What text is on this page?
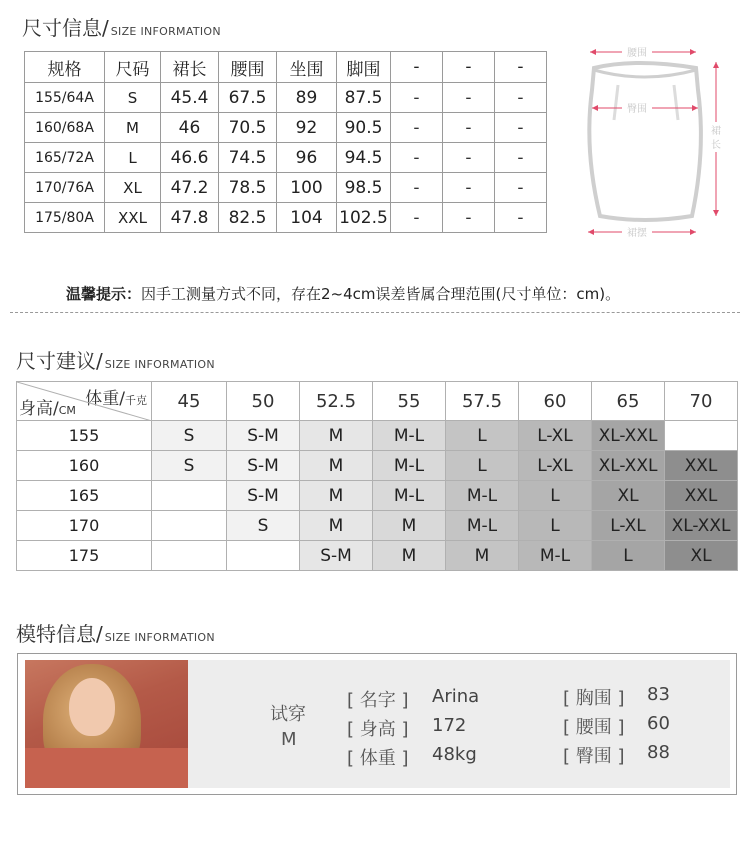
尺寸信息 / SIZE INFORMATION
规格	尺码	裙长	腰围	坐围	脚围	-	-	-
155/64A	S	45.4	67.5	89	87.5	-	-	-
160/68A	M	46	70.5	92	90.5	-	-	-
165/72A	L	46.6	74.5	96	94.5	-	-	-
170/76A	XL	47.2	78.5	100	98.5	-	-	-
175/80A	XXL	47.8	82.5	104	102.5	-	-	-
腰围
臀围
裙
长
裙摆
温馨提示：因手工测量方式不同，存在2~4cm误差皆属合理范围(尺寸单位：cm)。
尺寸建议 / SIZE INFORMATION
体重/千克
身高/CM	45	50	52.5	55	57.5	60	65	70
155	S	S-M	M	M-L	L	L-XL	XL-XXL	
160	S	S-M	M	M-L	L	L-XL	XL-XXL	XXL
165		S-M	M	M-L	M-L	L	XL	XXL
170		S	M	M	M-L	L	L-XL	XL-XXL
175			S-M	M	M	M-L	L	XL
模特信息 / SIZE INFORMATION
试穿
M
[ 名字 ] Arina
[ 身高 ] 172
[ 体重 ] 48kg
[ 胸围 ] 83
[ 腰围 ] 60
[ 臀围 ] 88
